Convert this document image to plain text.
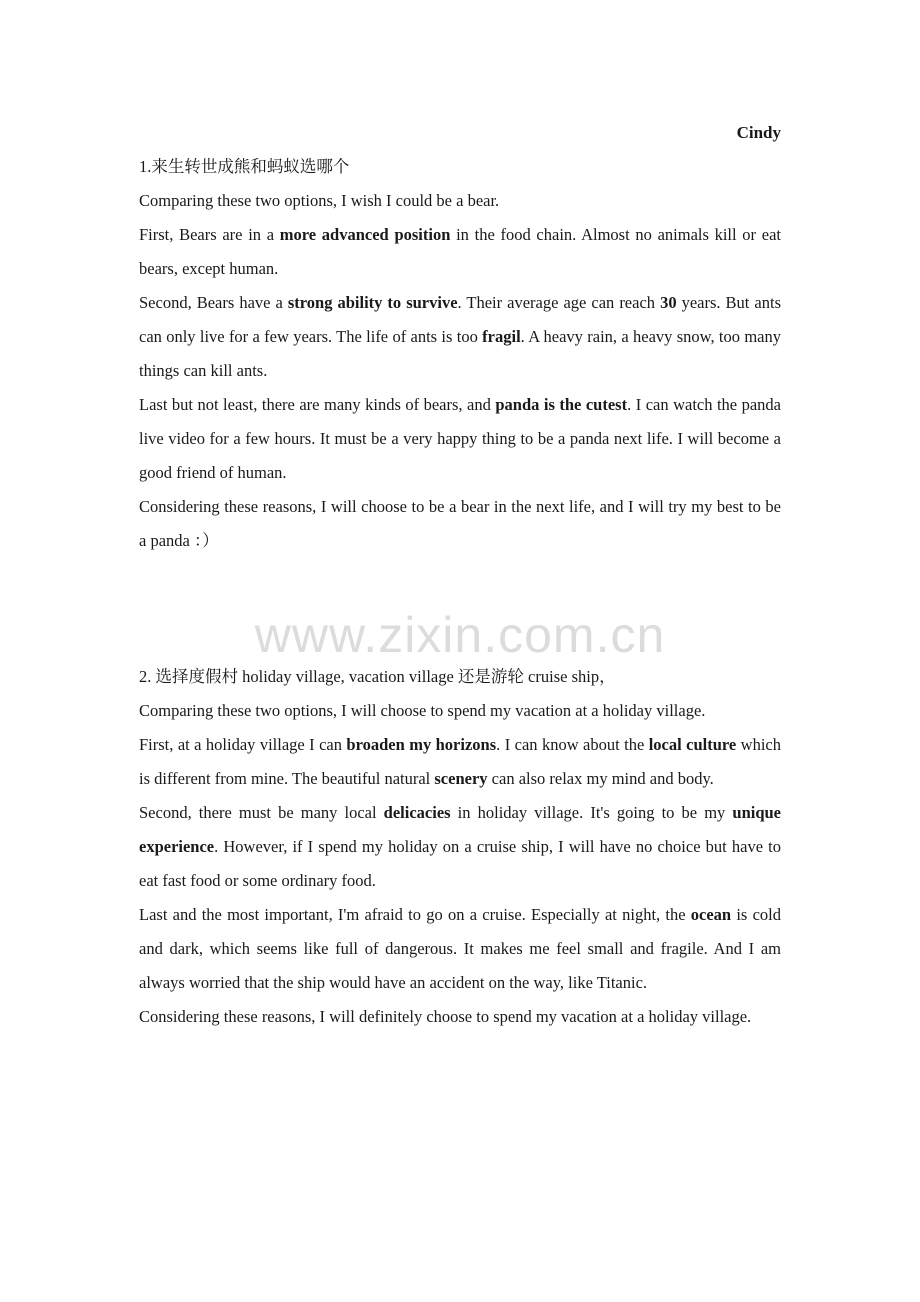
Cindy

1.来生转世成熊和蚂蚁选哪个

Comparing these two options, I wish I could be a bear.

First, Bears are in a more advanced position in the food chain. Almost no animals kill or eat bears, except human.

Second, Bears have a strong ability to survive. Their average age can reach 30 years. But ants can only live for a few years. The life of ants is too fragil. A heavy rain, a heavy snow, too many things can kill ants.

Last but not least, there are many kinds of bears, and panda is the cutest. I can watch the panda live video for a few hours. It must be a very happy thing to be a panda next life. I will become a good friend of human.

Considering these reasons, I will choose to be a bear in the next life, and I will try my best to be a panda ：）

2. 选择度假村 holiday village, vacation village 还是游轮 cruise ship，

Comparing these two options, I will choose to spend my vacation at a holiday village.

First, at a holiday village I can broaden my horizons. I can know about the local culture which is different from mine. The beautiful natural scenery can also relax my mind and body.

Second, there must be many local delicacies in holiday village. It's going to be my unique experience. However, if I spend my holiday on a cruise ship, I will have no choice but have to eat fast food or some ordinary food.

Last and the most important, I'm afraid to go on a cruise. Especially at night, the ocean is cold and dark, which seems like full of dangerous. It makes me feel small and fragile. And I am always worried that the ship would have an accident on the way, like Titanic.

Considering these reasons, I will definitely choose to spend my vacation at a holiday village.

www.zixin.com.cn
